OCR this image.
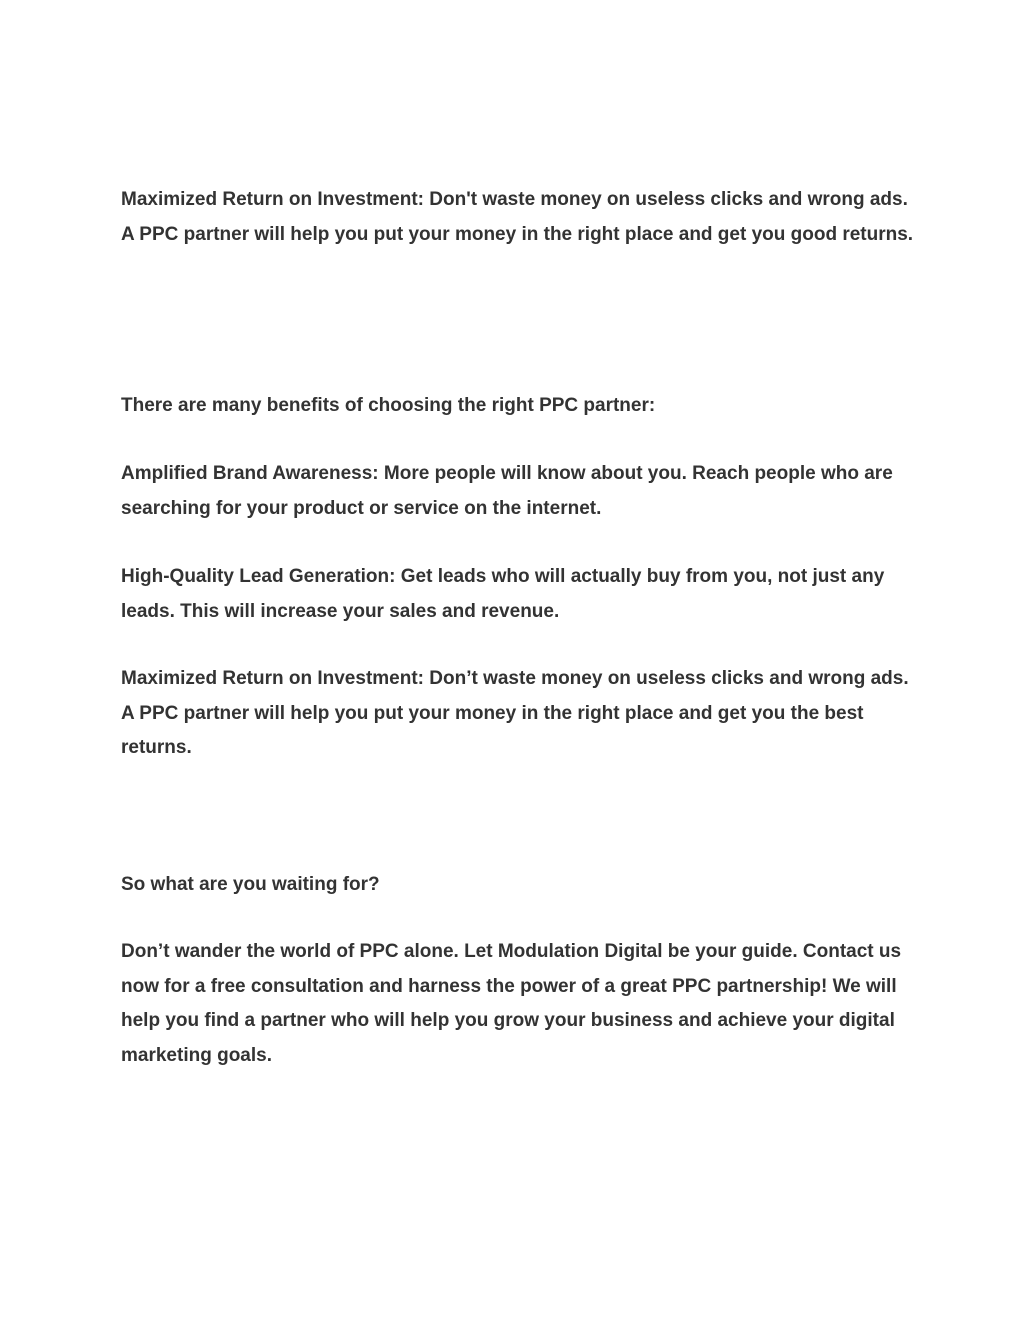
Maximized Return on Investment: Don't waste money on useless clicks and wrong ads. A PPC partner will help you put your money in the right place and get you good returns.

There are many benefits of choosing the right PPC partner:

Amplified Brand Awareness: More people will know about you. Reach people who are searching for your product or service on the internet.

High-Quality Lead Generation: Get leads who will actually buy from you, not just any leads. This will increase your sales and revenue.

Maximized Return on Investment: Don’t waste money on useless clicks and wrong ads. A PPC partner will help you put your money in the right place and get you the best returns.

So what are you waiting for?

Don’t wander the world of PPC alone. Let Modulation Digital be your guide. Contact us now for a free consultation and harness the power of a great PPC partnership! We will help you find a partner who will help you grow your business and achieve your digital marketing goals.
